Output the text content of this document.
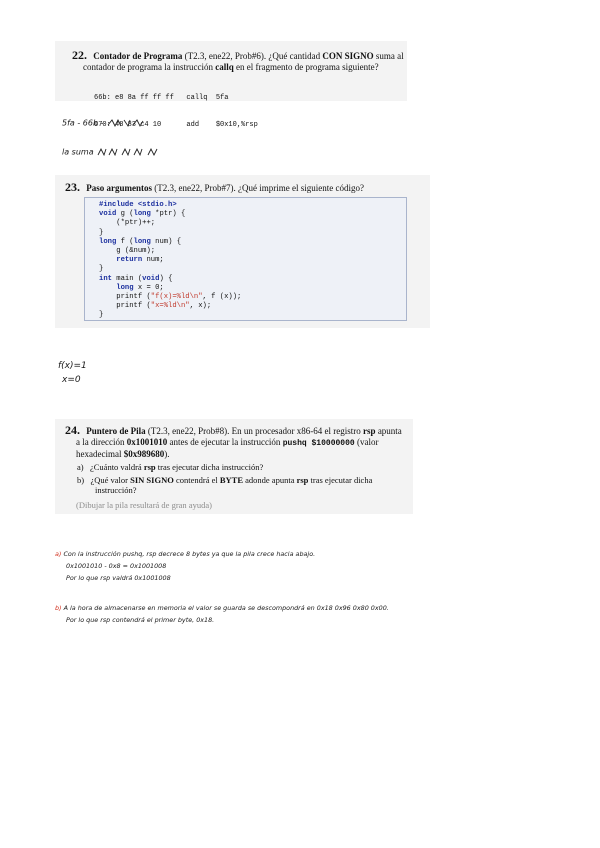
22. Contador de Programa (T2.3, ene22, Prob#6). ¿Qué cantidad CON SIGNO suma al
contador de programa la instrucción callq en el fragmento de programa siguiente?

66b: e8 8a ff ff ff   callq  5fa

670: 48 83 c4 10      add    $0x10,%rsp

5fa - 66b -
la suma
23. Paso argumentos (T2.3, ene22, Prob#7). ¿Qué imprime el siguiente código?
#include <stdio.h>
void g (long *ptr) {
(*ptr)++;
}
long f (long num) {
g (&num);
return num;
}
int main (void) {
long x = 0;
printf ("f(x)=%ld\n", f (x));
printf ("x=%ld\n", x);
}
f(x)=1
x=0
24. Puntero de Pila (T2.3, ene22, Prob#8). En un procesador x86-64 el registro rsp apunta
a la dirección 0x1001010 antes de ejecutar la instrucción pushq $10000000 (valor
hexadecimal $0x989680).
a) ¿Cuánto valdrá rsp tras ejecutar dicha instrucción?
b) ¿Qué valor SIN SIGNO contendrá el BYTE adonde apunta rsp tras ejecutar dicha
instrucción?
(Dibujar la pila resultará de gran ayuda)
a) Con la instrucción pushq, rsp decrece 8 bytes ya que la pila crece hacia abajo.
0x1001010 - 0x8 = 0x1001008
Por lo que rsp valdrá 0x1001008
b) A la hora de almacenarse en memoria el valor se guarda se descompondrá en 0x18 0x96 0x80 0x00.
Por lo que rsp contendrá el primer byte, 0x18.
